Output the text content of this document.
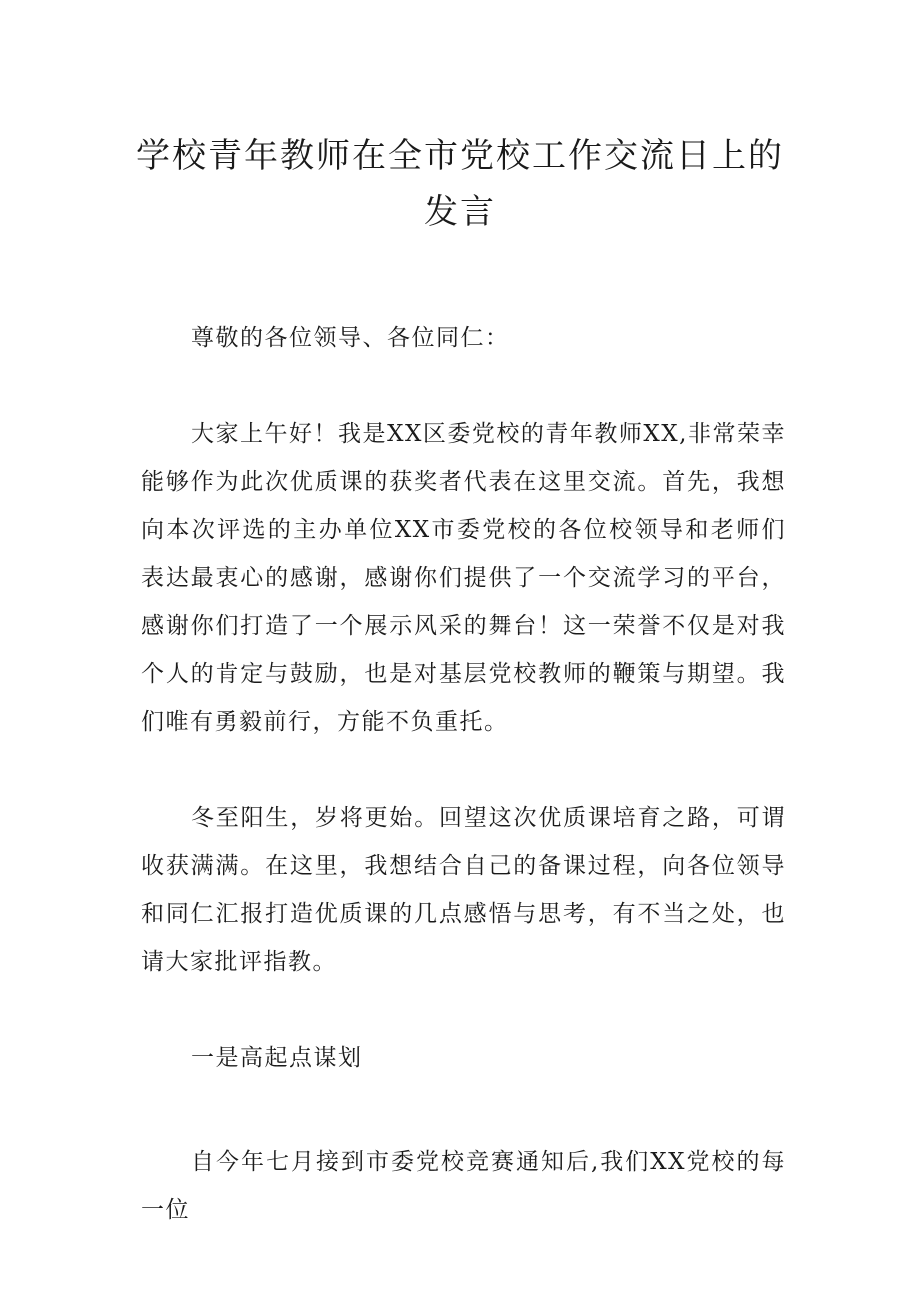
学校青年教师在全市党校工作交流日上的发言

尊敬的各位领导、各位同仁：

大家上午好！我是XX区委党校的青年教师XX,非常荣幸能够作为此次优质课的获奖者代表在这里交流。首先，我想向本次评选的主办单位XX市委党校的各位校领导和老师们表达最衷心的感谢，感谢你们提供了一个交流学习的平台，感谢你们打造了一个展示风采的舞台！这一荣誉不仅是对我个人的肯定与鼓励，也是对基层党校教师的鞭策与期望。我们唯有勇毅前行，方能不负重托。

冬至阳生，岁将更始。回望这次优质课培育之路，可谓收获满满。在这里，我想结合自己的备课过程，向各位领导和同仁汇报打造优质课的几点感悟与思考，有不当之处，也请大家批评指教。

一是高起点谋划

自今年七月接到市委党校竞赛通知后,我们XX党校的每一位
